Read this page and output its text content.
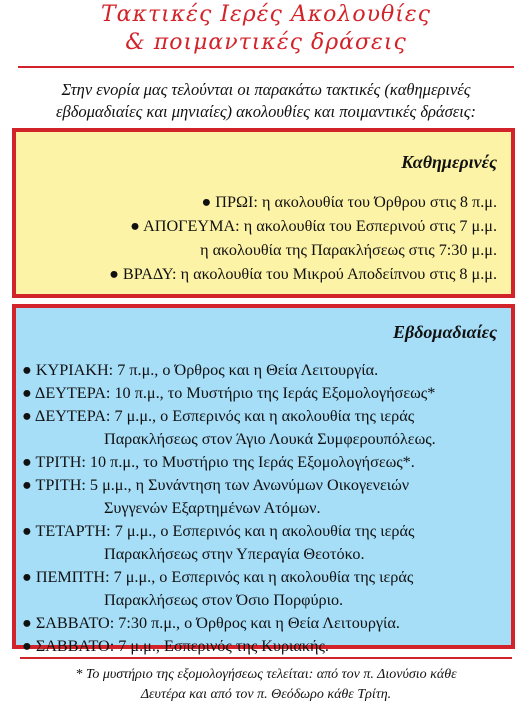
Τακτικές Ιερές Ακολουθίες
& ποιμαντικές δράσεις
Στην ενορία μας τελούνται οι παρακάτω τακτικές (καθημερινές
εβδομαδιαίες και μηνιαίες) ακολουθίες και ποιμαντικές δράσεις:
Καθημερινές
● ΠΡΩΙ: η ακολουθία του Όρθρου στις 8 π.μ.
● ΑΠΟΓΕΥΜΑ: η ακολουθία του Εσπερινού στις 7 μ.μ.
η ακολουθία της Παρακλήσεως στις 7:30 μ.μ.
● ΒΡΑΔΥ: η ακολουθία του Μικρού Αποδείπνου στις 8 μ.μ.
Εβδομαδιαίες
● ΚΥΡΙΑΚΗ: 7 π.μ., ο Όρθρος και η Θεία Λειτουργία.
● ΔΕΥΤΕΡΑ: 10 π.μ., το Μυστήριο της Ιεράς Εξομολογήσεως*
● ΔΕΥΤΕΡΑ: 7 μ.μ., ο Εσπερινός και η ακολουθία της ιεράς
Παρακλήσεως στον Άγιο Λουκά Συμφερουπόλεως.
● ΤΡΙΤΗ: 10 π.μ., το Μυστήριο της Ιεράς Εξομολογήσεως*.
● ΤΡΙΤΗ: 5 μ.μ., η Συνάντηση των Ανωνύμων Οικογενειών
Συγγενών Εξαρτημένων Ατόμων.
● ΤΕΤΑΡΤΗ: 7 μ.μ., ο Εσπερινός και η ακολουθία της ιεράς
Παρακλήσεως στην Υπεραγία Θεοτόκο.
● ΠΕΜΠΤΗ: 7 μ.μ., ο Εσπερινός και η ακολουθία της ιεράς
Παρακλήσεως στον Όσιο Πορφύριο.
● ΣΑΒΒΑΤΟ: 7:30 π.μ., ο Όρθρος και η Θεία Λειτουργία.
● ΣΑΒΒΑΤΟ: 7 μ.μ., Εσπερινός της Κυριακής.
* Το μυστήριο της εξομολογήσεως τελείται: από τον π. Διονύσιο κάθε
Δευτέρα και από τον π. Θεόδωρο κάθε Τρίτη.
